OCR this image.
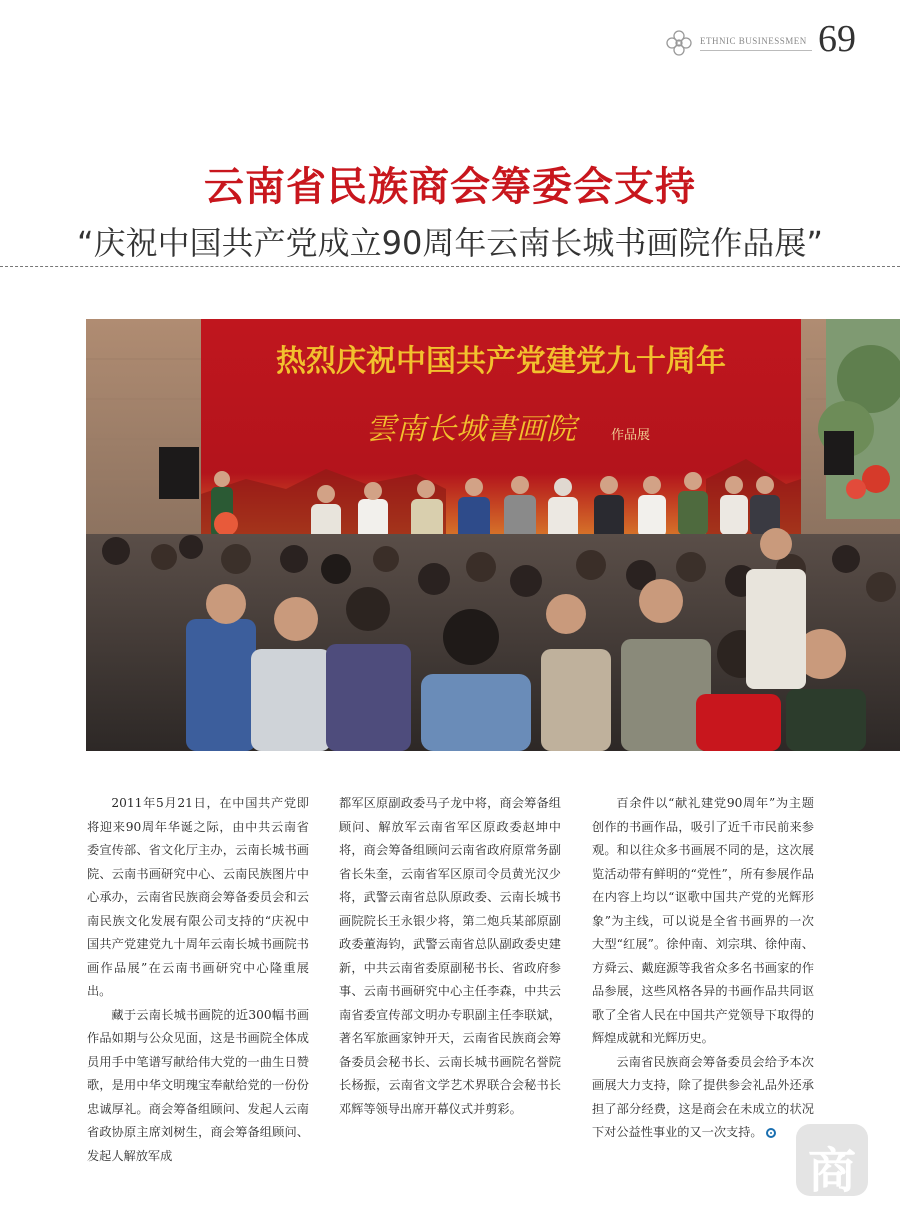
ETHNIC BUSINESSMEN 69
云南省民族商会筹委会支持
“庆祝中国共产党成立90周年云南长城书画院作品展”
热烈庆祝中国共产党建党九十周年
雲南长城書画院	作品展

2011年5月21日，在中国共产党即将迎来90周年华诞之际，由中共云南省委宣传部、省文化厅主办，云南长城书画院、云南书画研究中心、云南民族图片中心承办，云南省民族商会筹备委员会和云南民族文化发展有限公司支持的“庆祝中国共产党建党九十周年云南长城书画院书画作品展”在云南书画研究中心隆重展出。

藏于云南长城书画院的近300幅书画作品如期与公众见面，这是书画院全体成员用手中笔谱写献给伟大党的一曲生日赞歌，是用中华文明瑰宝奉献给党的一份份忠诚厚礼。商会筹备组顾问、发起人云南省政协原主席刘树生，商会筹备组顾问、发起人解放军成

都军区原副政委马子龙中将，商会筹备组顾问、解放军云南省军区原政委赵坤中将，商会筹备组顾问云南省政府原常务副省长朱奎，云南省军区原司令员黄光汉少将，武警云南省总队原政委、云南长城书画院院长王永银少将，第二炮兵某部原副政委董海钧，武警云南省总队副政委史建新，中共云南省委原副秘书长、省政府参事、云南书画研究中心主任李森，中共云南省委宣传部文明办专职副主任李联斌，著名军旅画家钟开天，云南省民族商会筹备委员会秘书长、云南长城书画院名誉院长杨振，云南省文学艺术界联合会秘书长邓辉等领导出席开幕仪式并剪彩。

百余件以“献礼建党90周年”为主题创作的书画作品，吸引了近千市民前来参观。和以往众多书画展不同的是，这次展览活动带有鲜明的“党性”，所有参展作品在内容上均以“讴歌中国共产党的光辉形象”为主线，可以说是全省书画界的一次大型“红展”。徐仲南、刘宗琪、徐仲南、方舜云、戴庭源等我省众多名书画家的作品参展，这些风格各异的书画作品共同讴歌了全省人民在中国共产党领导下取得的辉煌成就和光辉历史。

云南省民族商会筹备委员会给予本次画展大力支持，除了提供参会礼品外还承担了部分经费，这是商会在未成立的状况下对公益性事业的又一次支持。

商
